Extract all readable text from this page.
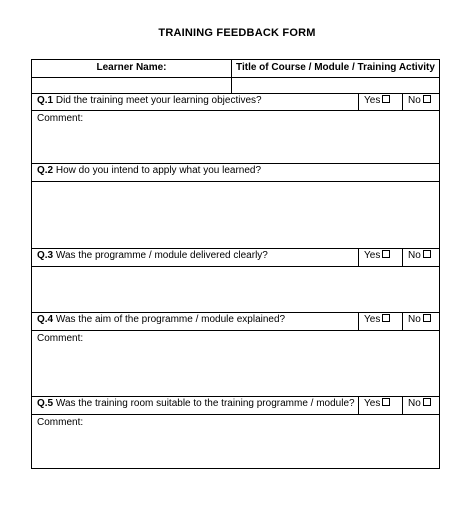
TRAINING FEEDBACK FORM
Learner Name:	Title of Course / Module / Training Activity
Q.1 Did the training meet your learning objectives?	Yes	No
Comment:
Q.2 How do you intend to apply what you learned?
Q.3 Was the programme / module delivered clearly?	Yes	No
Q.4 Was the aim of the programme / module explained?	Yes	No
Comment:
Q.5 Was the training room suitable to the training programme / module? Yes	No
Comment:
